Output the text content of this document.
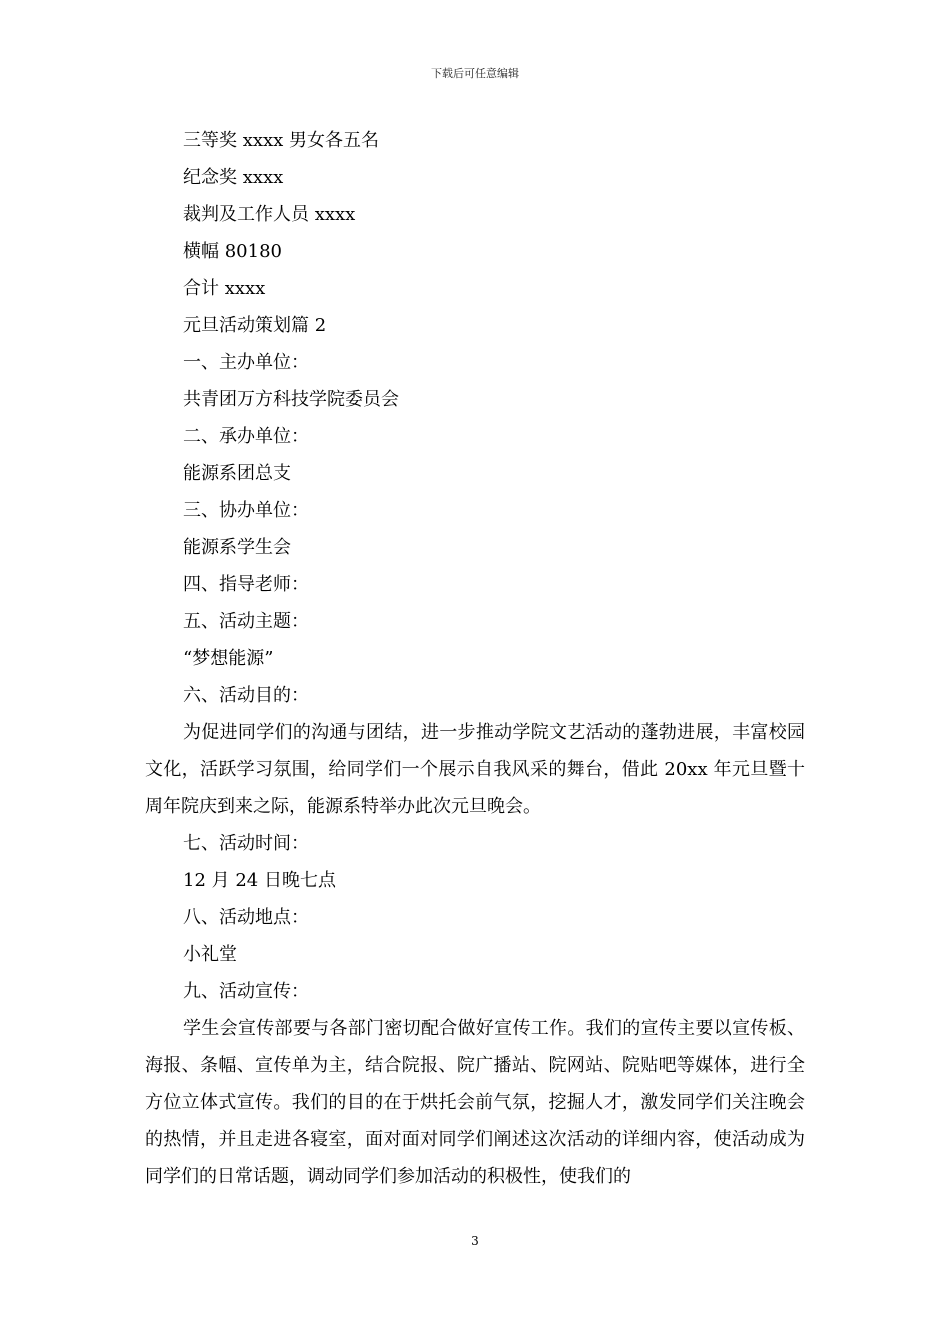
下载后可任意编辑
三等奖 xxxx 男女各五名
纪念奖 xxxx
裁判及工作人员 xxxx
横幅 80180
合计 xxxx
元旦活动策划篇 2
一、主办单位：
共青团万方科技学院委员会
二、承办单位：
能源系团总支
三、协办单位：
能源系学生会
四、指导老师：
五、活动主题：
“梦想能源”
六、活动目的：

为促进同学们的沟通与团结，进一步推动学院文艺活动的蓬勃进展，丰富校园文化，活跃学习氛围，给同学们一个展示自我风采的舞台，借此 20xx 年元旦暨十周年院庆到来之际，能源系特举办此次元旦晚会。

七、活动时间：
12 月 24 日晚七点
八、活动地点：
小礼堂
九、活动宣传：

学生会宣传部要与各部门密切配合做好宣传工作。我们的宣传主要以宣传板、海报、条幅、宣传单为主，结合院报、院广播站、院网站、院贴吧等媒体，进行全方位立体式宣传。我们的目的在于烘托会前气氛，挖掘人才，激发同学们关注晚会的热情，并且走进各寝室，面对面对同学们阐述这次活动的详细内容，使活动成为同学们的日常话题，调动同学们参加活动的积极性，使我们的

3
